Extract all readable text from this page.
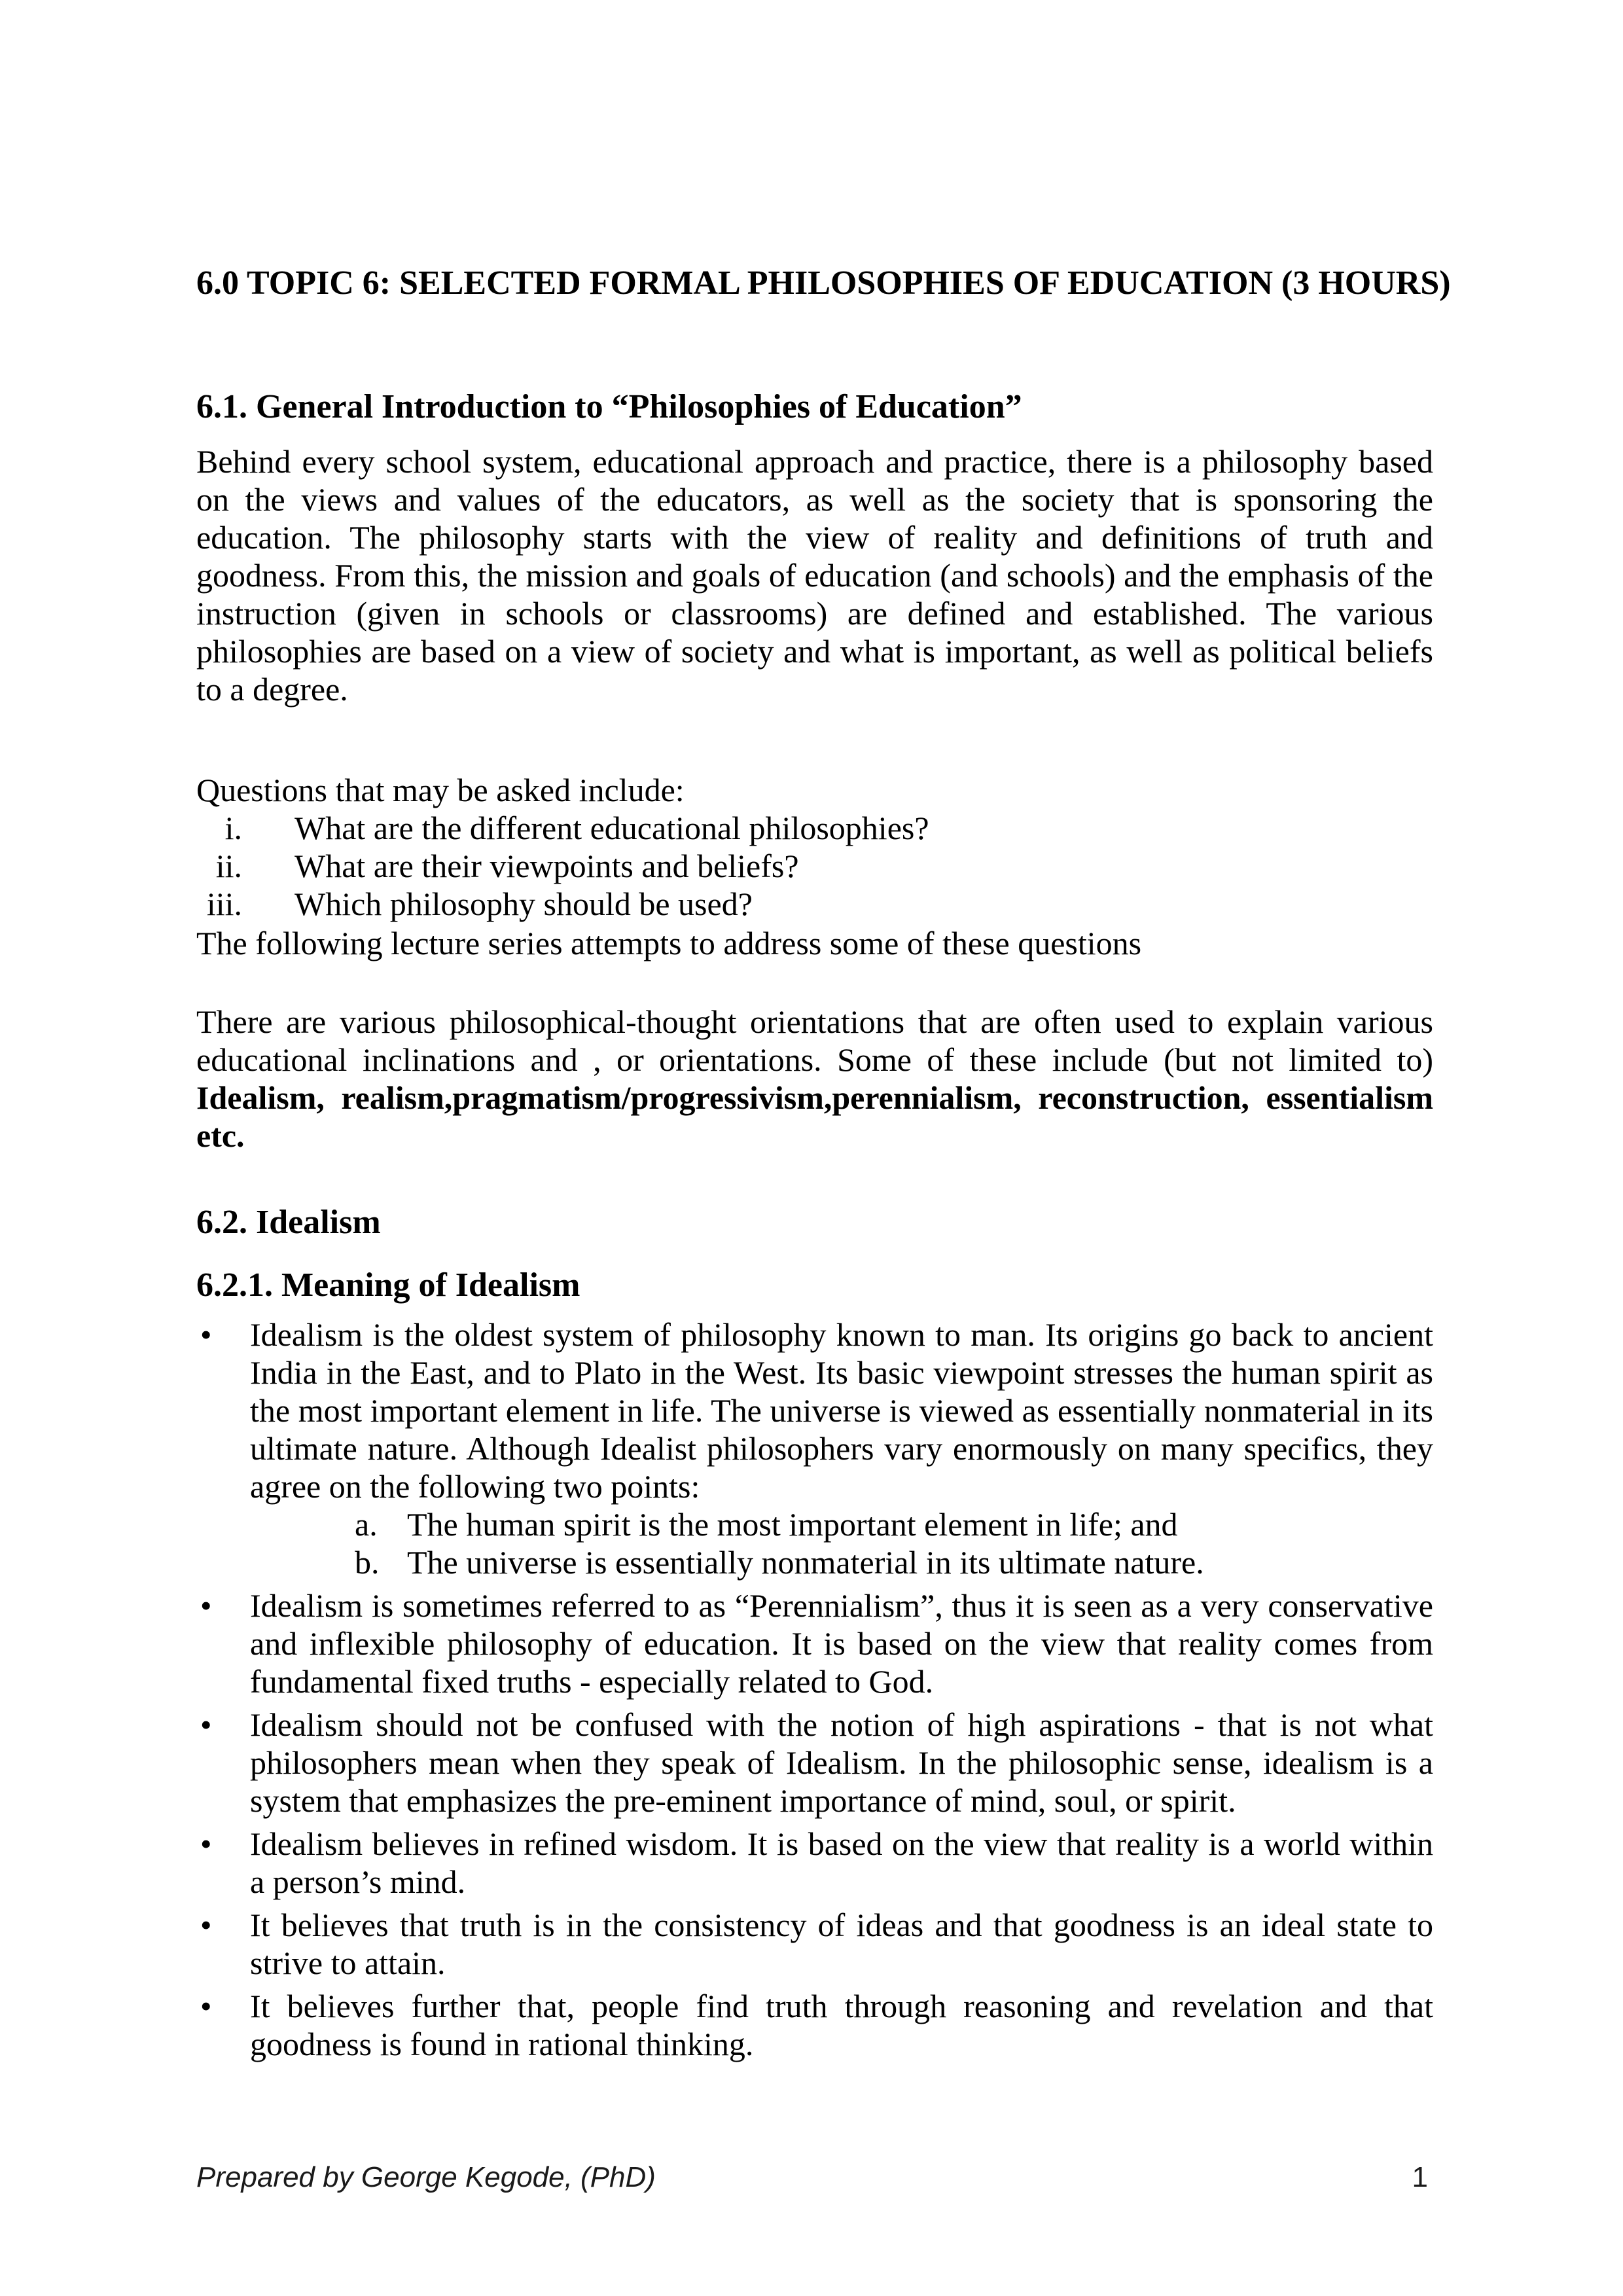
6.0 TOPIC 6: SELECTED FORMAL PHILOSOPHIES OF EDUCATION (3 HOURS)
6.1. General Introduction to “Philosophies of Education”
Behind every school system, educational approach and practice, there is a philosophy based on the views and values of the educators, as well as the society that is sponsoring the education. The philosophy starts with the view of reality and definitions of truth and goodness. From this, the mission and goals of education (and schools) and the emphasis of the instruction (given in schools or classrooms) are defined and established. The various philosophies are based on a view of society and what is important, as well as political beliefs to a degree.
Questions that may be asked include:
i.	What are the different educational philosophies?
ii.	What are their viewpoints and beliefs?
iii.	Which philosophy should be used?
The following lecture series attempts to address some of these questions
There are various philosophical-thought orientations that are often used to explain various educational inclinations and , or orientations. Some of these include (but not limited to) Idealism, realism,pragmatism/progressivism,perennialism, reconstruction, essentialism etc.
6.2. Idealism
6.2.1. Meaning of Idealism
•	Idealism is the oldest system of philosophy known to man. Its origins go back to ancient India in the East, and to Plato in the West. Its basic viewpoint stresses the human spirit as the most important element in life. The universe is viewed as essentially nonmaterial in its ultimate nature. Although Idealist philosophers vary enormously on many specifics, they agree on the following two points:
a. The human spirit is the most important element in life; and
b. The universe is essentially nonmaterial in its ultimate nature.
•	Idealism is sometimes referred to as “Perennialism”, thus it is seen as a very conservative and inflexible philosophy of education. It is based on the view that reality comes from fundamental fixed truths - especially related to God.
•	Idealism should not be confused with the notion of high aspirations - that is not what philosophers mean when they speak of Idealism. In the philosophic sense, idealism is a system that emphasizes the pre-eminent importance of mind, soul, or spirit.
•	Idealism believes in refined wisdom. It is based on the view that reality is a world within a person’s mind.
•	It believes that truth is in the consistency of ideas and that goodness is an ideal state to strive to attain.
•	It believes further that, people find truth through reasoning and revelation and that goodness is found in rational thinking.
Prepared by George Kegode, (PhD)	1
